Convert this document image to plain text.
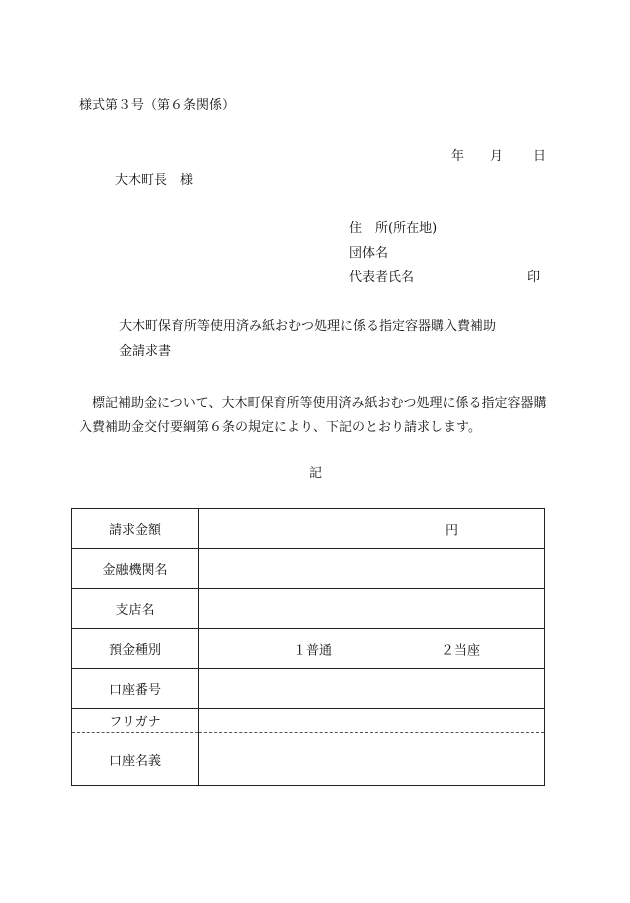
様式第３号（第６条関係）
年 月 日
大木町長　様
住　所(所在地)
団体名
代表者氏名	印
大木町保育所等使用済み紙おむつ処理に係る指定容器購入費補助
金請求書
標記補助金について、大木町保育所等使用済み紙おむつ処理に係る指定容器購入費補助金交付要綱第６条の規定により、下記のとおり請求します。
記
請求金額	円

金融機関名	
支店名	
預金種別	１普通 ２当座

口座番号	
フリガナ	
口座名義	
